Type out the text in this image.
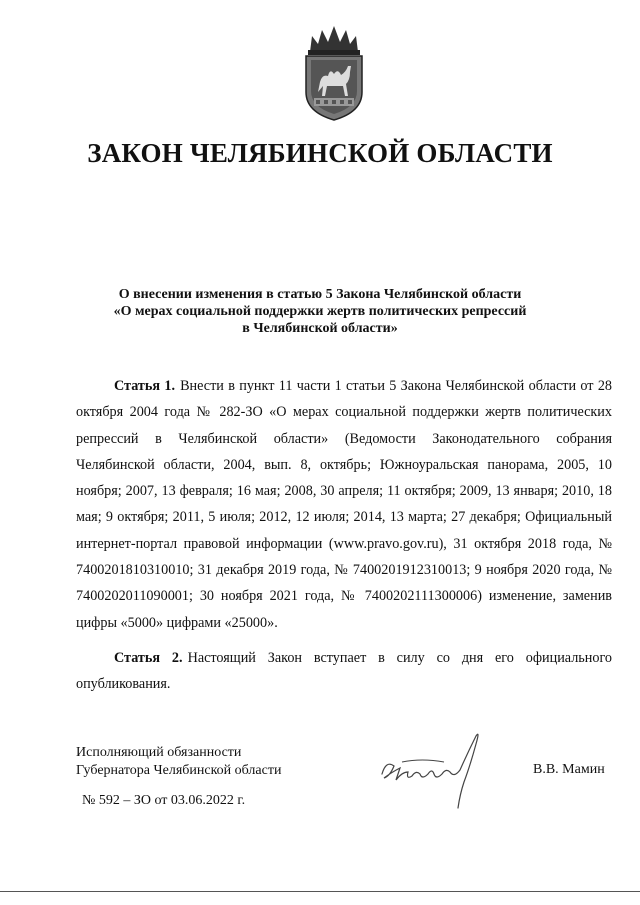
ЗАКОН ЧЕЛЯБИНСКОЙ ОБЛАСТИ
О внесении изменения в статью 5 Закона Челябинской области
«О мерах социальной поддержки жертв политических репрессий
в Челябинской области»
Статья 1. Внести в пункт 11 части 1 статьи 5 Закона Челябинской области от 28 октября 2004 года № 282-ЗО «О мерах социальной поддержки жертв политических репрессий в Челябинской области» (Ведомости Законодательного собрания Челябинской области, 2004, вып. 8, октябрь; Южноуральская панорама, 2005, 10 ноября; 2007, 13 февраля; 16 мая; 2008, 30 апреля; 11 октября; 2009, 13 января; 2010, 18 мая; 9 октября; 2011, 5 июля; 2012, 12 июля; 2014, 13 марта; 27 декабря; Официальный интернет-портал правовой информации (www.pravo.gov.ru), 31 октября 2018 года, № 7400201810310010; 31 декабря 2019 года, № 7400201912310013; 9 ноября 2020 года, № 7400202011090001; 30 ноября 2021 года, № 7400202111300006) изменение, заменив цифры «5000» цифрами «25000».
Статья 2. Настоящий Закон вступает в силу со дня его официального опубликования.
Исполняющий обязанности
Губернатора Челябинской области	В.В. Мамин
№ 592 – ЗО от 03.06.2022 г.
